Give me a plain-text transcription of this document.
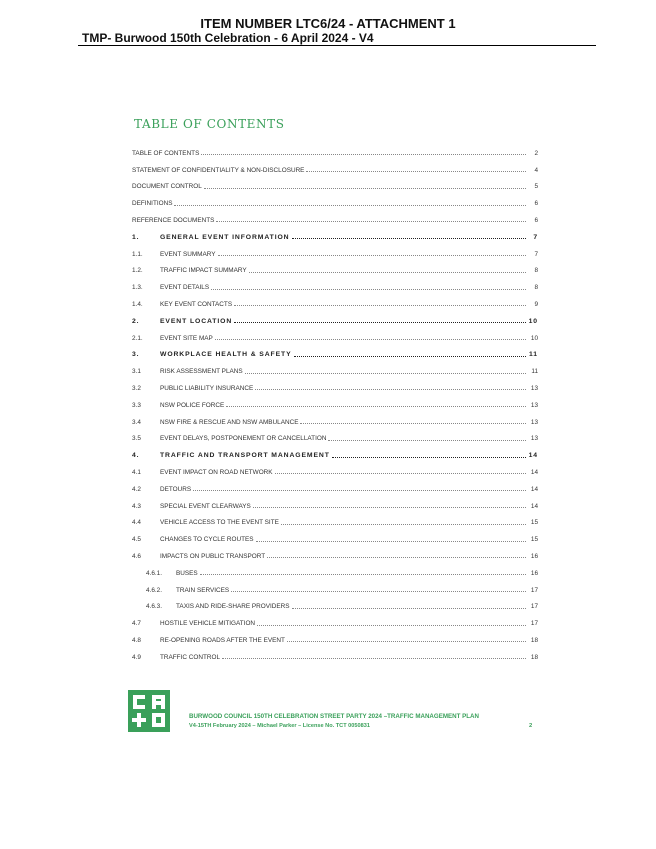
ITEM NUMBER LTC6/24 - ATTACHMENT 1
TMP- Burwood 150th Celebration - 6 April 2024 - V4
TABLE OF CONTENTS
TABLE OF CONTENTS	2
STATEMENT OF CONFIDENTIALITY & NON-DISCLOSURE	4
DOCUMENT CONTROL	5
DEFINITIONS	6
REFERENCE DOCUMENTS	6
1.	GENERAL EVENT INFORMATION	7
1.1.	EVENT SUMMARY	7
1.2.	TRAFFIC IMPACT SUMMARY	8
1.3.	EVENT DETAILS	8
1.4.	KEY EVENT CONTACTS	9
2.	EVENT LOCATION	10
2.1.	EVENT SITE MAP	10
3.	WORKPLACE HEALTH & SAFETY	11
3.1	RISK ASSESSMENT PLANS	11
3.2	PUBLIC LIABILITY INSURANCE	13
3.3	NSW POLICE FORCE	13
3.4	NSW FIRE & RESCUE AND NSW AMBULANCE	13
3.5	EVENT DELAYS, POSTPONEMENT OR CANCELLATION	13
4.	TRAFFIC AND TRANSPORT MANAGEMENT	14
4.1	EVENT IMPACT ON ROAD NETWORK	14
4.2	DETOURS	14
4.3	SPECIAL EVENT CLEARWAYS	14
4.4	VEHICLE ACCESS TO THE EVENT SITE	15
4.5	CHANGES TO CYCLE ROUTES	15
4.6	IMPACTS ON PUBLIC TRANSPORT	16
4.6.1.	BUSES	16
4.6.2.	TRAIN SERVICES	17
4.6.3.	TAXIS AND RIDE-SHARE PROVIDERS	17
4.7	HOSTILE VEHICLE MITIGATION	17
4.8	RE-OPENING ROADS AFTER THE EVENT	18
4.9	TRAFFIC CONTROL	18
BURWOOD COUNCIL 150TH CELEBRATION STREET PARTY 2024 –TRAFFIC MANAGEMENT PLAN
V4-15TH February 2024 – Michael Parker – License No. TCT 0050831	2
